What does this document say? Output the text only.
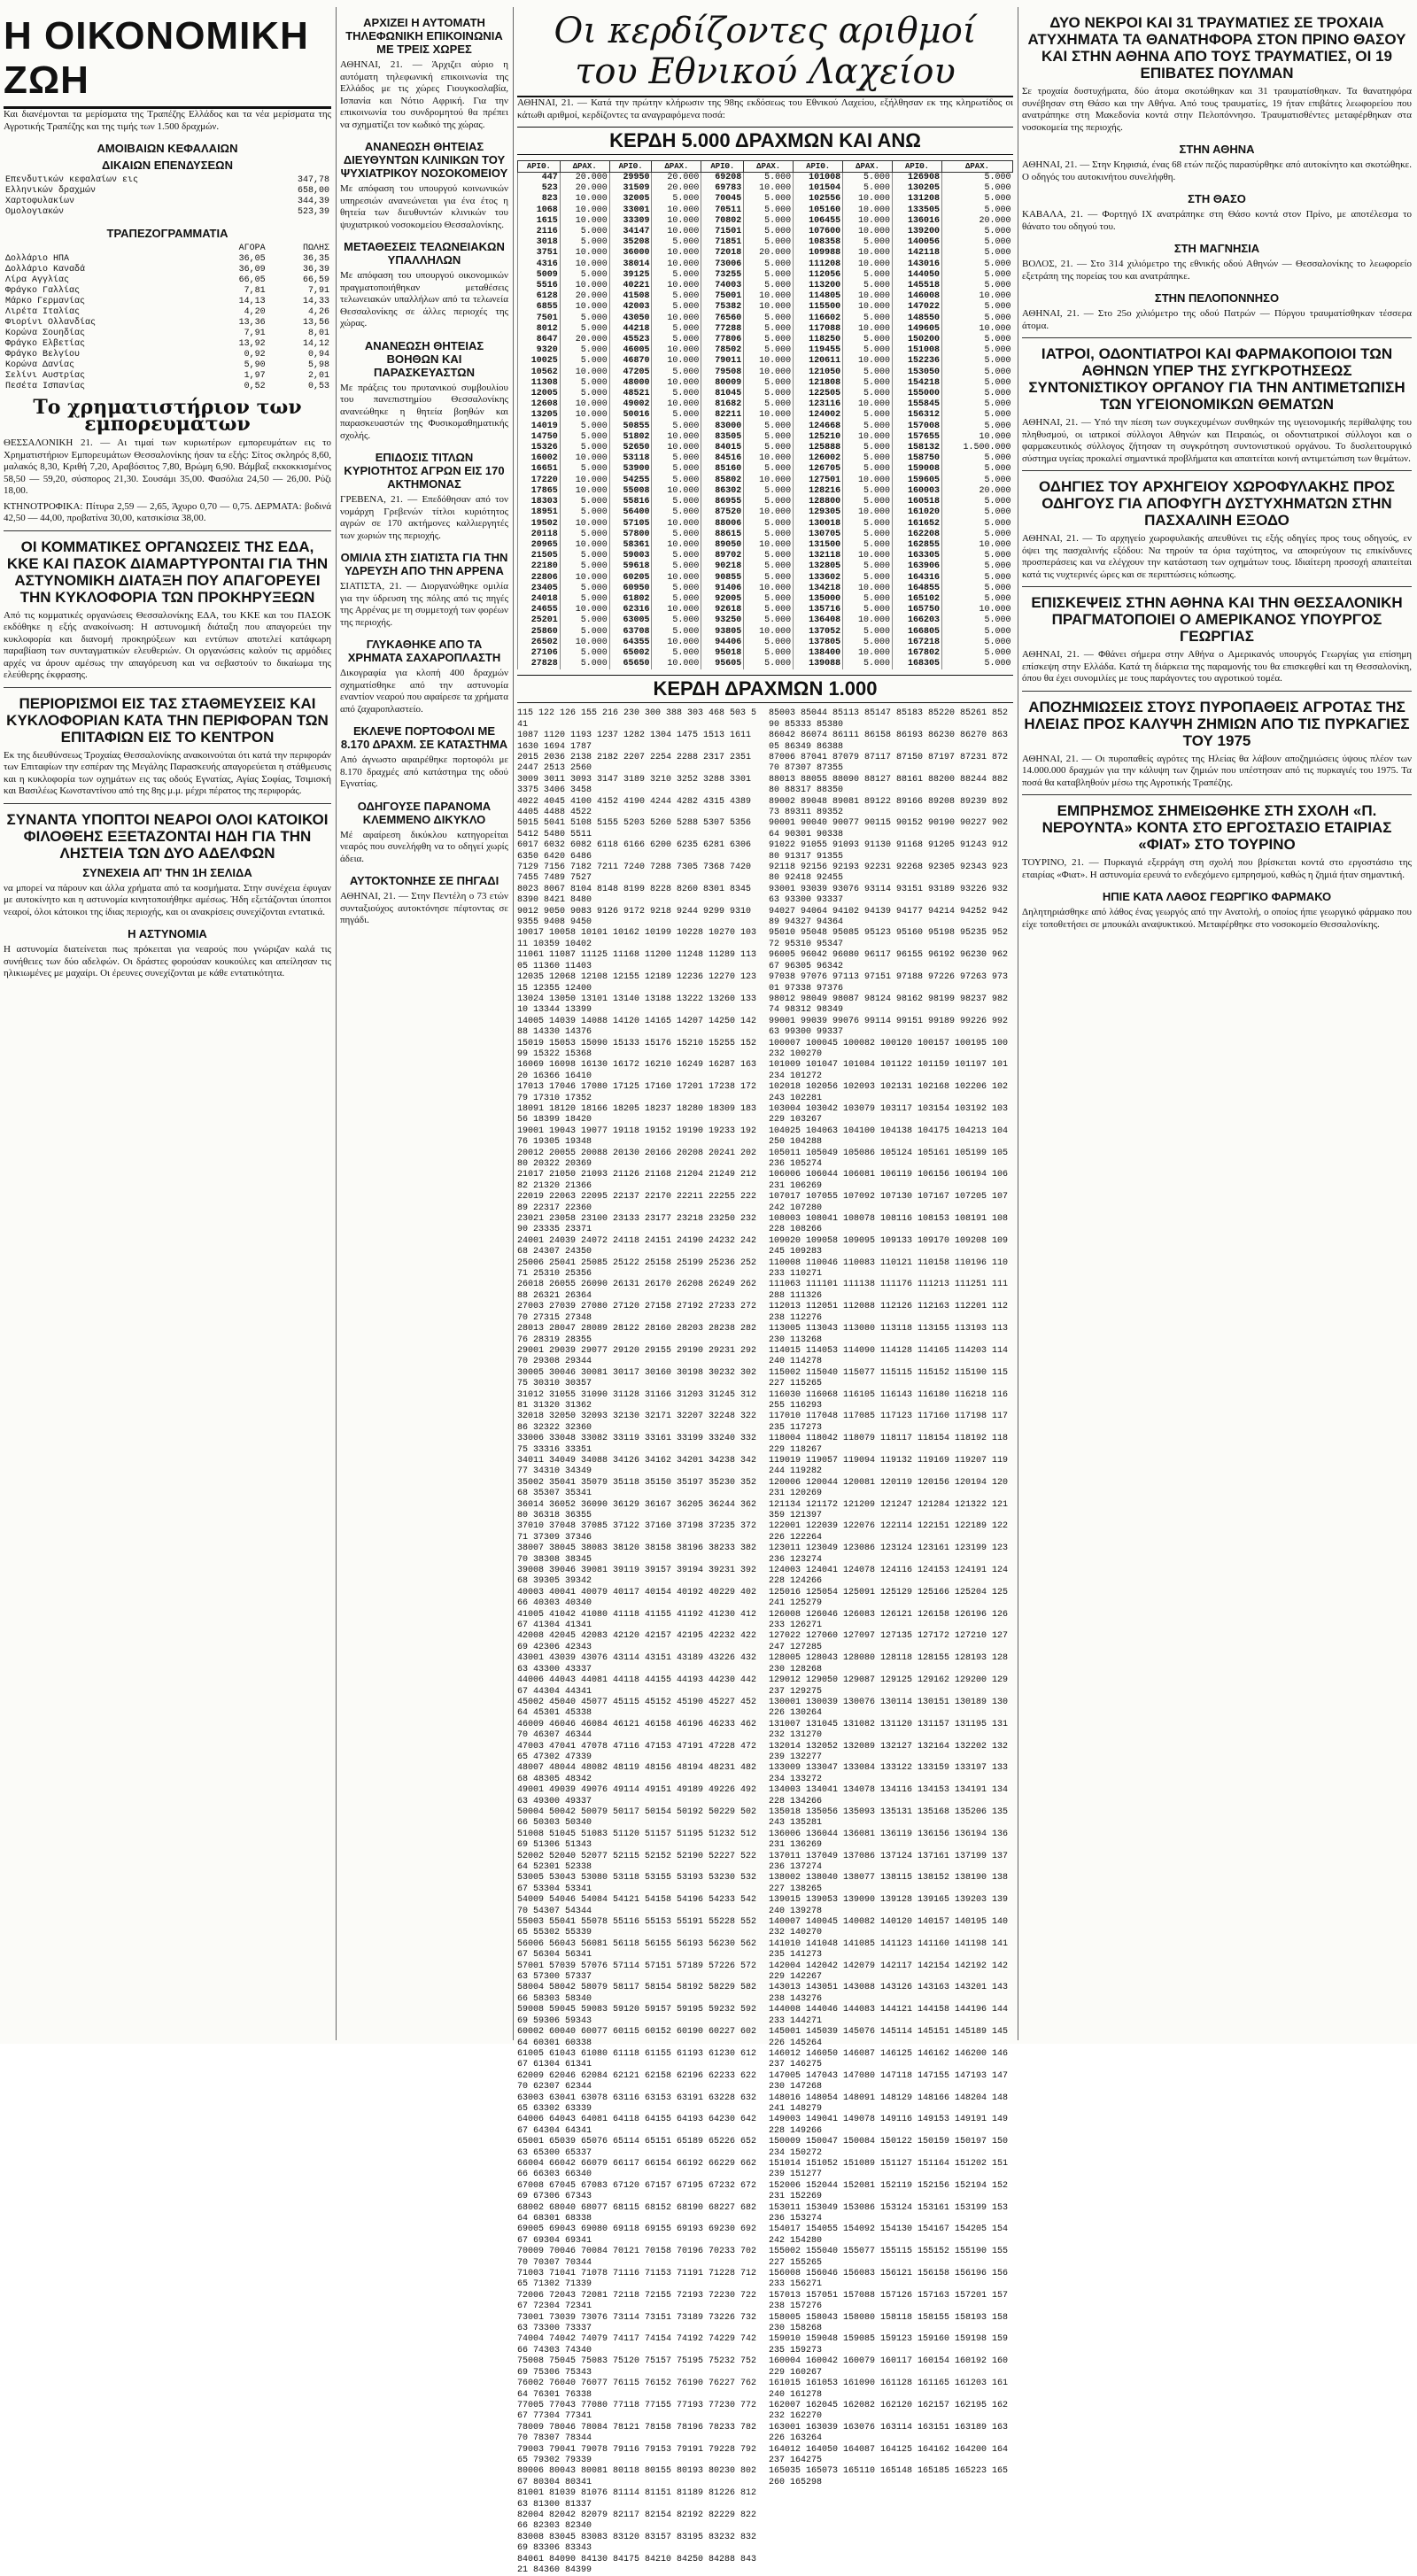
Η ΟΙΚΟΝΟΜΙΚΗ ΖΩΗ

Και διανέμονται τα μερίσματα της Τραπέζης Ελλάδος και τα νέα μερίσματα της Αγροτικής Τραπέζης και της τιμής των 1.500 δραχμών.

ΑΜΟΙΒΑΙΩΝ ΚΕΦΑΛΑΙΩΝ
ΔΙΚΑΙΩΝ ΕΠΕΝΔΥΣΕΩΝ
Επενδυτικών κεφαλαίων εις	347,78
Ελληνικών δραχμών	658,00
Χαρτοφυλακίων	344,39
Ομολογιακών	523,39
ΤΡΑΠΕΖΟΓΡΑΜΜΑΤΙΑ
	ΑΓΟΡΑ	ΠΩΛΗΣ
Δολλάριο ΗΠΑ	36,05	36,35
Δολλάριο Καναδά	36,09	36,39
Λίρα Αγγλίας	66,05	66,59
Φράγκο Γαλλίας	7,81	7,91
Μάρκο Γερμανίας	14,13	14,33
Λιρέτα Ιταλίας	4,20	4,26
Φιορίνι Ολλανδίας	13,36	13,56
Κορώνα Σουηδίας	7,91	8,01
Φράγκο Ελβετίας	13,92	14,12
Φράγκο Βελγίου	0,92	0,94
Κορώνα Δανίας	5,90	5,98
Σελίνι Αυστρίας	1,97	2,01
Πεσέτα Ισπανίας	0,52	0,53
Το χρηματιστήριον των εμπορευμάτων

ΘΕΣΣΑΛΟΝΙΚΗ 21. — Αι τιμαί των κυριωτέρων εμπορευμάτων εις το Χρηματιστήριον Εμπορευμάτων Θεσσαλονίκης ήσαν τα εξής: Σίτος σκληρός 8,60, μαλακός 8,30, Κριθή 7,20, Αραβόσιτος 7,80, Βρώμη 6,90. Βάμβαξ εκκοκκισμένος 58,50 — 59,20, σύσπορος 21,30. Σουσάμι 35,00. Φασόλια 24,50 — 26,00. Ρύζι 18,00.

ΚΤΗΝΟΤΡΟΦΙΚΑ: Πίτυρα 2,59 — 2,65, Άχυρο 0,70 — 0,75. ΔΕΡΜΑΤΑ: βοδινά 42,50 — 44,00, προβατίνα 30,00, κατσικίσια 38,00.

ΟΙ ΚΟΜΜΑΤΙΚΕΣ ΟΡΓΑΝΩΣΕΙΣ ΤΗΣ ΕΔΑ, ΚΚΕ ΚΑΙ ΠΑΣΟΚ ΔΙΑΜΑΡΤΥΡΟΝΤΑΙ ΓΙΑ ΤΗΝ ΑΣΤΥΝΟΜΙΚΗ ΔΙΑΤΑΞΗ ΠΟΥ ΑΠΑΓΟΡΕΥΕΙ ΤΗΝ ΚΥΚΛΟΦΟΡΙΑ ΤΩΝ ΠΡΟΚΗΡΥΞΕΩΝ

Από τις κομματικές οργανώσεις Θεσσαλονίκης ΕΔΑ, του ΚΚΕ και του ΠΑΣΟΚ εκδόθηκε η εξής ανακοίνωση: Η αστυνομική διάταξη που απαγορεύει την κυκλοφορία και διανομή προκηρύξεων και εντύπων αποτελεί κατάφωρη παραβίαση των συνταγματικών ελευθεριών. Οι οργανώσεις καλούν τις αρμόδιες αρχές να άρουν αμέσως την απαγόρευση και να σεβαστούν το δικαίωμα της ελεύθερης έκφρασης.

ΠΕΡΙΟΡΙΣΜΟΙ ΕΙΣ ΤΑΣ ΣΤΑΘΜΕΥΣΕΙΣ ΚΑΙ ΚΥΚΛΟΦΟΡΙΑΝ ΚΑΤΑ ΤΗΝ ΠΕΡΙΦΟΡΑΝ ΤΩΝ ΕΠΙΤΑΦΙΩΝ ΕΙΣ ΤΟ ΚΕΝΤΡΟΝ

Εκ της διευθύνσεως Τροχαίας Θεσσαλονίκης ανακοινούται ότι κατά την περιφοράν των Επιταφίων την εσπέραν της Μεγάλης Παρασκευής απαγορεύεται η στάθμευσις και η κυκλοφορία των οχημάτων εις τας οδούς Εγνατίας, Αγίας Σοφίας, Τσιμισκή και Βασιλέως Κωνσταντίνου από της 8ης μ.μ. μέχρι πέρατος της περιφοράς.

ΣΥΝΑΝΤΑ ΥΠΟΠΤΟΙ ΝΕΑΡΟΙ ΟΛΟΙ ΚΑΤΟΙΚΟΙ ΦΙΛΟΘΕΗΣ ΕΞΕΤΑΖΟΝΤΑΙ ΗΔΗ ΓΙΑ ΤΗΝ ΛΗΣΤΕΙΑ ΤΩΝ ΔΥΟ ΑΔΕΛΦΩΝ
ΣΥΝΕΧΕΙΑ ΑΠ' ΤΗΝ 1Η ΣΕΛΙΔΑ

να μπορεί να πάρουν και άλλα χρήματα από τα κοσμήματα. Στην συνέχεια έφυγαν με αυτοκίνητο και η αστυνομία κινητοποιήθηκε αμέσως. Ήδη εξετάζονται ύποπτοι νεαροί, όλοι κάτοικοι της ίδιας περιοχής, και οι ανακρίσεις συνεχίζονται εντατικά.

Η ΑΣΤΥΝΟΜΙΑ

Η αστυνομία διατείνεται πως πρόκειται για νεαρούς που γνώριζαν καλά τις συνήθειες των δύο αδελφών. Οι δράστες φορούσαν κουκούλες και απείλησαν τις ηλικιωμένες με μαχαίρι. Οι έρευνες συνεχίζονται με κάθε εντατικότητα.

ΑΡΧΙΖΕΙ Η ΑΥΤΟΜΑΤΗ ΤΗΛΕΦΩΝΙΚΗ ΕΠΙΚΟΙΝΩΝΙΑ ΜΕ ΤΡΕΙΣ ΧΩΡΕΣ

ΑΘΗΝΑΙ, 21. — Άρχιζει αύριο η αυτόματη τηλεφωνική επικοινωνία της Ελλάδος με τις χώρες Γιουγκοσλαβία, Ισπανία και Νότιο Αφρική. Για την επικοινωνία του συνδρομητού θα πρέπει να σχηματίζει τον κωδικό της χώρας.

ΑΝΑΝΕΩΣΗ ΘΗΤΕΙΑΣ ΔΙΕΥΘΥΝΤΩΝ ΚΛΙΝΙΚΩΝ ΤΟΥ ΨΥΧΙΑΤΡΙΚΟΥ ΝΟΣΟΚΟΜΕΙΟΥ

Με απόφαση του υπουργού κοινωνικών υπηρεσιών ανανεώνεται για ένα έτος η θητεία των διευθυντών κλινικών του ψυχιατρικού νοσοκομείου Θεσσαλονίκης.

ΜΕΤΑΘΕΣΕΙΣ ΤΕΛΩΝΕΙΑΚΩΝ ΥΠΑΛΛΗΛΩΝ

Με απόφαση του υπουργού οικονομικών πραγματοποιήθηκαν μεταθέσεις τελωνειακών υπαλλήλων από τα τελωνεία Θεσσαλονίκης σε άλλες περιοχές της χώρας.

ΑΝΑΝΕΩΣΗ ΘΗΤΕΙΑΣ ΒΟΗΘΩΝ ΚΑΙ ΠΑΡΑΣΚΕΥΑΣΤΩΝ

Με πράξεις του πρυτανικού συμβουλίου του πανεπιστημίου Θεσσαλονίκης ανανεώθηκε η θητεία βοηθών και παρασκευαστών της Φυσικομαθηματικής σχολής.

ΕΠΙΔΟΣΙΣ ΤΙΤΛΩΝ ΚΥΡΙΟΤΗΤΟΣ ΑΓΡΩΝ ΕΙΣ 170 ΑΚΤΗΜΟΝΑΣ

ΓΡΕΒΕΝΑ, 21. — Επεδόθησαν από τον νομάρχη Γρεβενών τίτλοι κυριότητος αγρών σε 170 ακτήμονες καλλιεργητές των χωριών της περιοχής.

ΟΜΙΛΙΑ ΣΤΗ ΣΙΑΤΙΣΤΑ ΓΙΑ ΤΗΝ ΥΔΡΕΥΣΗ ΑΠΟ ΤΗΝ ΑΡΡΕΝΑ

ΣΙΑΤΙΣΤΑ, 21. — Διοργανώθηκε ομιλία για την ύδρευση της πόλης από τις πηγές της Αρρένας με τη συμμετοχή των φορέων της περιοχής.

ΓΛΥΚΑΘΗΚΕ ΑΠΟ ΤΑ ΧΡΗΜΑΤΑ ΣΑΧΑΡΟΠΛΑΣΤΗ

Δικογραφία για κλοπή 400 δραχμών σχηματίσθηκε από την αστυνομία εναντίον νεαρού που αφαίρεσε τα χρήματα από ζαχαροπλαστείο.

ΕΚΛΕΨΕ ΠΟΡΤΟΦΟΛΙ ΜΕ 8.170 ΔΡΑΧΜ. ΣΕ ΚΑΤΑΣΤΗΜΑ

Από άγνωστο αφαιρέθηκε πορτοφόλι με 8.170 δραχμές από κατάστημα της οδού Εγνατίας.

ΟΔΗΓΟΥΣΕ ΠΑΡΑΝΟΜΑ ΚΛΕΜΜΕΝΟ ΔΙΚΥΚΛΟ

Μέ αφαίρεση δικύκλου κατηγορείται νεαρός που συνελήφθη να το οδηγεί χωρίς άδεια.

ΑΥΤΟΚΤΟΝΗΣΕ ΣΕ ΠΗΓΑΔΙ

ΑΘΗΝΑΙ, 21. — Στην Πεντέλη ο 73 ετών συνταξιούχος αυτοκτόνησε πέφτοντας σε πηγάδι.

Οι κερδίζοντες αριθμοί του Εθνικού Λαχείου

ΑΘΗΝΑΙ, 21. — Κατά την πρώτην κλήρωσιν της 98ης εκδόσεως του Εθνικού Λαχείου, εξήλθησαν εκ της κληρωτίδος οι κάτωθι αριθμοί, κερδίζοντες τα αναγραφόμενα ποσά:

ΚΕΡΔΗ 5.000 ΔΡΑΧΜΩΝ ΚΑΙ ΑΝΩ
ΑΡΙΘ.	ΔΡΑΧ.	ΑΡΙΘ.	ΔΡΑΧ.	ΑΡΙΘ.	ΔΡΑΧ.	ΑΡΙΘ.	ΔΡΑΧ.	ΑΡΙΘ.	ΔΡΑΧ.
447	20.000	29950	20.000	69208	5.000	101008	5.000	126908	5.000
523	20.000	31509	20.000	69783	10.000	101504	5.000	130205	5.000
823	10.000	32005	5.000	70045	5.000	102556	10.000	131208	5.000
1068	10.000	33001	10.000	70511	5.000	105160	10.000	133505	5.000
1615	10.000	33309	10.000	70802	5.000	106455	10.000	136016	20.000
2116	5.000	34147	10.000	71501	5.000	107600	10.000	139200	5.000
3018	5.000	35208	5.000	71851	5.000	108358	5.000	140056	5.000
3751	10.000	36000	10.000	72018	20.000	109988	10.000	142118	5.000
4316	10.000	38014	10.000	73006	5.000	111208	10.000	143016	5.000
5009	5.000	39125	5.000	73255	5.000	112056	5.000	144050	5.000
5516	10.000	40221	10.000	74003	5.000	113200	5.000	145518	5.000
6128	20.000	41508	5.000	75001	10.000	114805	10.000	146008	10.000
6855	10.000	42003	5.000	75382	10.000	115500	10.000	147022	5.000
7501	5.000	43050	10.000	76560	5.000	116602	5.000	148550	5.000
8012	5.000	44218	5.000	77288	5.000	117088	10.000	149605	10.000
8647	20.000	45523	5.000	77806	5.000	118250	5.000	150200	5.000
9320	5.000	46005	10.000	78502	5.000	119455	5.000	151008	5.000
10025	5.000	46870	10.000	79011	10.000	120611	10.000	152236	5.000
10562	10.000	47205	5.000	79508	10.000	121050	5.000	153050	5.000
11308	5.000	48000	10.000	80009	5.000	121808	5.000	154218	5.000
12005	5.000	48521	5.000	81045	5.000	122505	5.000	155000	5.000
12608	10.000	49002	10.000	81682	5.000	123116	10.000	155845	5.000
13205	10.000	50016	5.000	82211	10.000	124002	5.000	156312	5.000
14019	5.000	50855	5.000	83000	5.000	124668	5.000	157008	5.000
14750	5.000	51802	10.000	83505	5.000	125210	10.000	157655	10.000
15326	5.000	52650	10.000	84015	5.000	125888	5.000	158132	1.500.000
16002	10.000	53118	5.000	84516	10.000	126002	5.000	158750	5.000
16651	5.000	53900	5.000	85160	5.000	126705	5.000	159008	5.000
17220	10.000	54255	5.000	85802	10.000	127501	10.000	159605	5.000
17865	10.000	55008	10.000	86302	5.000	128216	5.000	160003	20.000
18303	5.000	55816	5.000	86955	5.000	128800	5.000	160518	5.000
18951	5.000	56400	5.000	87520	10.000	129305	10.000	161020	5.000
19502	10.000	57105	10.000	88006	5.000	130018	5.000	161652	5.000
20118	5.000	57800	5.000	88615	5.000	130705	5.000	162208	5.000
20965	10.000	58361	10.000	89050	10.000	131500	5.000	162855	10.000
21505	5.000	59003	5.000	89702	5.000	132118	10.000	163305	5.000
22180	5.000	59618	5.000	90218	5.000	132805	5.000	163906	5.000
22806	10.000	60205	10.000	90855	5.000	133602	5.000	164316	5.000
23405	5.000	60950	5.000	91406	10.000	134218	10.000	164855	5.000
24018	5.000	61802	5.000	92005	5.000	135000	5.000	165102	5.000
24655	10.000	62316	10.000	92618	5.000	135716	5.000	165750	10.000
25201	5.000	63005	5.000	93250	5.000	136408	10.000	166203	5.000
25860	5.000	63708	5.000	93805	10.000	137052	5.000	166805	5.000
26502	10.000	64355	10.000	94406	5.000	137805	5.000	167218	5.000
27106	5.000	65002	5.000	95018	5.000	138400	10.000	167802	5.000
27828	5.000	65650	10.000	95605	5.000	139088	5.000	168305	5.000
ΚΕΡΔΗ ΔΡΑΧΜΩΝ 1.000
115 122 126 155 216 230 300 388 303 468 503 541
1087 1120 1193 1237 1282 1304 1475 1513 1611 1630 1694 1787
2015 2036 2138 2182 2207 2254 2288 2317 2351 2447 2513 2560
3009 3011 3093 3147 3189 3210 3252 3288 3301 3375 3406 3458
4022 4045 4100 4152 4190 4244 4282 4315 4389 4405 4488 4522
5015 5041 5108 5155 5203 5260 5288 5307 5356 5412 5480 5511
6017 6032 6082 6118 6166 6200 6235 6281 6306 6350 6420 6486
7129 7156 7182 7211 7240 7288 7305 7368 7420 7455 7489 7527
8023 8067 8104 8148 8199 8228 8260 8301 8345 8390 8421 8480
9012 9050 9083 9126 9172 9218 9244 9299 9310 9355 9408 9450
10017 10058 10101 10162 10199 10228 10270 10311 10359 10402
11061 11087 11125 11168 11200 11248 11289 11305 11360 11403
12035 12068 12108 12155 12189 12236 12270 12315 12355 12400
13024 13050 13101 13140 13188 13222 13260 13310 13344 13399
14005 14039 14088 14120 14165 14207 14250 14288 14330 14376
15019 15053 15090 15133 15176 15210 15255 15299 15322 15368
16069 16098 16130 16172 16210 16249 16287 16320 16366 16410
17013 17046 17080 17125 17160 17201 17238 17279 17310 17352
18091 18120 18166 18205 18237 18280 18309 18356 18399 18420
19001 19043 19077 19118 19152 19190 19233 19276 19305 19348
20012 20055 20088 20130 20166 20208 20241 20280 20322 20369
21017 21050 21093 21126 21168 21204 21249 21282 21320 21366
22019 22063 22095 22137 22170 22211 22255 22289 22317 22360
23021 23058 23100 23133 23177 23218 23250 23290 23335 23371
24001 24039 24072 24118 24151 24190 24232 24268 24307 24350
25006 25041 25085 25122 25158 25199 25236 25271 25310 25356
26018 26055 26090 26131 26170 26208 26249 26288 26321 26364
27003 27039 27080 27120 27158 27192 27233 27270 27315 27348
28013 28047 28089 28122 28160 28203 28238 28276 28319 28355
29001 29039 29077 29120 29155 29190 29231 29270 29308 29344
30005 30046 30081 30117 30160 30198 30232 30275 30310 30357
31012 31055 31090 31128 31166 31203 31245 31281 31320 31362
32018 32050 32093 32130 32171 32207 32248 32286 32322 32360
33006 33048 33082 33119 33161 33199 33240 33275 33316 33351
34011 34049 34088 34126 34162 34201 34238 34277 34310 34349
35002 35041 35079 35118 35150 35197 35230 35268 35307 35341
36014 36052 36090 36129 36167 36205 36244 36280 36318 36355
37010 37048 37085 37122 37160 37198 37235 37271 37309 37346
38007 38045 38083 38120 38158 38196 38233 38270 38308 38345
39008 39046 39081 39119 39157 39194 39231 39268 39305 39342
40003 40041 40079 40117 40154 40192 40229 40266 40303 40340
41005 41042 41080 41118 41155 41192 41230 41267 41304 41341
42008 42045 42083 42120 42157 42195 42232 42269 42306 42343
43001 43039 43076 43114 43151 43189 43226 43263 43300 43337
44006 44043 44081 44118 44155 44193 44230 44267 44304 44341
45002 45040 45077 45115 45152 45190 45227 45264 45301 45338
46009 46046 46084 46121 46158 46196 46233 46270 46307 46344
47003 47041 47078 47116 47153 47191 47228 47265 47302 47339
48007 48044 48082 48119 48156 48194 48231 48268 48305 48342
49001 49039 49076 49114 49151 49189 49226 49263 49300 49337
50004 50042 50079 50117 50154 50192 50229 50266 50303 50340
51008 51045 51083 51120 51157 51195 51232 51269 51306 51343
52002 52040 52077 52115 52152 52190 52227 52264 52301 52338
53005 53043 53080 53118 53155 53193 53230 53267 53304 53341
54009 54046 54084 54121 54158 54196 54233 54270 54307 54344
55003 55041 55078 55116 55153 55191 55228 55265 55302 55339
56006 56043 56081 56118 56155 56193 56230 56267 56304 56341
57001 57039 57076 57114 57151 57189 57226 57263 57300 57337
58004 58042 58079 58117 58154 58192 58229 58266 58303 58340
59008 59045 59083 59120 59157 59195 59232 59269 59306 59343
60002 60040 60077 60115 60152 60190 60227 60264 60301 60338
61005 61043 61080 61118 61155 61193 61230 61267 61304 61341
62009 62046 62084 62121 62158 62196 62233 62270 62307 62344
63003 63041 63078 63116 63153 63191 63228 63265 63302 63339
64006 64043 64081 64118 64155 64193 64230 64267 64304 64341
65001 65039 65076 65114 65151 65189 65226 65263 65300 65337
66004 66042 66079 66117 66154 66192 66229 66266 66303 66340
67008 67045 67083 67120 67157 67195 67232 67269 67306 67343
68002 68040 68077 68115 68152 68190 68227 68264 68301 68338
69005 69043 69080 69118 69155 69193 69230 69267 69304 69341
70009 70046 70084 70121 70158 70196 70233 70270 70307 70344
71003 71041 71078 71116 71153 71191 71228 71265 71302 71339
72006 72043 72081 72118 72155 72193 72230 72267 72304 72341
73001 73039 73076 73114 73151 73189 73226 73263 73300 73337
74004 74042 74079 74117 74154 74192 74229 74266 74303 74340
75008 75045 75083 75120 75157 75195 75232 75269 75306 75343
76002 76040 76077 76115 76152 76190 76227 76264 76301 76338
77005 77043 77080 77118 77155 77193 77230 77267 77304 77341
78009 78046 78084 78121 78158 78196 78233 78270 78307 78344
79003 79041 79078 79116 79153 79191 79228 79265 79302 79339
80006 80043 80081 80118 80155 80193 80230 80267 80304 80341
81001 81039 81076 81114 81151 81189 81226 81263 81300 81337
82004 82042 82079 82117 82154 82192 82229 82266 82303 82340
83008 83045 83083 83120 83157 83195 83232 83269 83306 83343
84061 84090 84130 84175 84210 84250 84288 84321 84360 84399
85003 85044 85113 85147 85183 85220 85261 85290 85333 85380
86042 86074 86111 86158 86193 86230 86270 86305 86349 86388
87006 87041 87079 87117 87150 87197 87231 87270 87307 87355
88013 88055 88090 88127 88161 88200 88244 88280 88317 88350
89002 89048 89081 89122 89166 89208 89239 89273 89311 89352
90001 90040 90077 90115 90152 90190 90227 90264 90301 90338
91022 91055 91093 91130 91168 91205 91243 91280 91317 91355
92118 92156 92193 92231 92268 92305 92343 92380 92418 92455
93001 93039 93076 93114 93151 93189 93226 93263 93300 93337
94027 94064 94102 94139 94177 94214 94252 94289 94327 94364
95010 95048 95085 95123 95160 95198 95235 95272 95310 95347
96005 96042 96080 96117 96155 96192 96230 96267 96305 96342
97038 97076 97113 97151 97188 97226 97263 97301 97338 97376
98012 98049 98087 98124 98162 98199 98237 98274 98312 98349
99001 99039 99076 99114 99151 99189 99226 99263 99300 99337
100007 100045 100082 100120 100157 100195 100232 100270
101009 101047 101084 101122 101159 101197 101234 101272
102018 102056 102093 102131 102168 102206 102243 102281
103004 103042 103079 103117 103154 103192 103229 103267
104025 104063 104100 104138 104175 104213 104250 104288
105011 105049 105086 105124 105161 105199 105236 105274
106006 106044 106081 106119 106156 106194 106231 106269
107017 107055 107092 107130 107167 107205 107242 107280
108003 108041 108078 108116 108153 108191 108228 108266
109020 109058 109095 109133 109170 109208 109245 109283
110008 110046 110083 110121 110158 110196 110233 110271
111063 111101 111138 111176 111213 111251 111288 111326
112013 112051 112088 112126 112163 112201 112238 112276
113005 113043 113080 113118 113155 113193 113230 113268
114015 114053 114090 114128 114165 114203 114240 114278
115002 115040 115077 115115 115152 115190 115227 115265
116030 116068 116105 116143 116180 116218 116255 116293
117010 117048 117085 117123 117160 117198 117235 117273
118004 118042 118079 118117 118154 118192 118229 118267
119019 119057 119094 119132 119169 119207 119244 119282
120006 120044 120081 120119 120156 120194 120231 120269
121134 121172 121209 121247 121284 121322 121359 121397
122001 122039 122076 122114 122151 122189 122226 122264
123011 123049 123086 123124 123161 123199 123236 123274
124003 124041 124078 124116 124153 124191 124228 124266
125016 125054 125091 125129 125166 125204 125241 125279
126008 126046 126083 126121 126158 126196 126233 126271
127022 127060 127097 127135 127172 127210 127247 127285
128005 128043 128080 128118 128155 128193 128230 128268
129012 129050 129087 129125 129162 129200 129237 129275
130001 130039 130076 130114 130151 130189 130226 130264
131007 131045 131082 131120 131157 131195 131232 131270
132014 132052 132089 132127 132164 132202 132239 132277
133009 133047 133084 133122 133159 133197 133234 133272
134003 134041 134078 134116 134153 134191 134228 134266
135018 135056 135093 135131 135168 135206 135243 135281
136006 136044 136081 136119 136156 136194 136231 136269
137011 137049 137086 137124 137161 137199 137236 137274
138002 138040 138077 138115 138152 138190 138227 138265
139015 139053 139090 139128 139165 139203 139240 139278
140007 140045 140082 140120 140157 140195 140232 140270
141010 141048 141085 141123 141160 141198 141235 141273
142004 142042 142079 142117 142154 142192 142229 142267
143013 143051 143088 143126 143163 143201 143238 143276
144008 144046 144083 144121 144158 144196 144233 144271
145001 145039 145076 145114 145151 145189 145226 145264
146012 146050 146087 146125 146162 146200 146237 146275
147005 147043 147080 147118 147155 147193 147230 147268
148016 148054 148091 148129 148166 148204 148241 148279
149003 149041 149078 149116 149153 149191 149228 149266
150009 150047 150084 150122 150159 150197 150234 150272
151014 151052 151089 151127 151164 151202 151239 151277
152006 152044 152081 152119 152156 152194 152231 152269
153011 153049 153086 153124 153161 153199 153236 153274
154017 154055 154092 154130 154167 154205 154242 154280
155002 155040 155077 155115 155152 155190 155227 155265
156008 156046 156083 156121 156158 156196 156233 156271
157013 157051 157088 157126 157163 157201 157238 157276
158005 158043 158080 158118 158155 158193 158230 158268
159010 159048 159085 159123 159160 159198 159235 159273
160004 160042 160079 160117 160154 160192 160229 160267
161015 161053 161090 161128 161165 161203 161240 161278
162007 162045 162082 162120 162157 162195 162232 162270
163001 163039 163076 163114 163151 163189 163226 163264
164012 164050 164087 164125 164162 164200 164237 164275
165035 165073 165110 165148 165185 165223 165260 165298
ΔΥΟ ΝΕΚΡΟΙ ΚΑΙ 31 ΤΡΑΥΜΑΤΙΕΣ ΣΕ ΤΡΟΧΑΙΑ ΑΤΥΧΗΜΑΤΑ ΤΑ ΘΑΝΑΤΗΦΟΡΑ ΣΤΟΝ ΠΡΙΝΟ ΘΑΣΟΥ ΚΑΙ ΣΤΗΝ ΑΘΗΝΑ ΑΠΟ ΤΟΥΣ ΤΡΑΥΜΑΤΙΕΣ, ΟΙ 19 ΕΠΙΒΑΤΕΣ ΠΟΥΛΜΑΝ

Σε τροχαία δυστυχήματα, δύο άτομα σκοτώθηκαν και 31 τραυματίσθηκαν. Τα θανατηφόρα συνέβησαν στη Θάσο και την Αθήνα. Από τους τραυματίες, 19 ήταν επιβάτες λεωφορείου που ανατράπηκε στη Μακεδονία κοντά στην Πελοπόννησο. Τραυματισθέντες μεταφέρθηκαν στα νοσοκομεία της περιοχής.

ΣΤΗΝ ΑΘΗΝΑ

ΑΘΗΝΑΙ, 21. — Στην Κηφισιά, ένας 68 ετών πεζός παρασύρθηκε από αυτοκίνητο και σκοτώθηκε. Ο οδηγός του αυτοκινήτου συνελήφθη.

ΣΤΗ ΘΑΣΟ

ΚΑΒΑΛΑ, 21. — Φορτηγό ΙΧ ανατράπηκε στη Θάσο κοντά στον Πρίνο, με αποτέλεσμα το θάνατο του οδηγού του.

ΣΤΗ ΜΑΓΝΗΣΙΑ

ΒΟΛΟΣ, 21. — Στο 314 χιλιόμετρο της εθνικής οδού Αθηνών — Θεσσαλονίκης το λεωφορείο εξετράπη της πορείας του και ανατράπηκε.

ΣΤΗΝ ΠΕΛΟΠΟΝΝΗΣΟ

ΑΘΗΝΑΙ, 21. — Στο 25ο χιλιόμετρο της οδού Πατρών — Πύργου τραυματίσθηκαν τέσσερα άτομα.

ΙΑΤΡΟΙ, ΟΔΟΝΤΙΑΤΡΟΙ ΚΑΙ ΦΑΡΜΑΚΟΠΟΙΟΙ ΤΩΝ ΑΘΗΝΩΝ ΥΠΕΡ ΤΗΣ ΣΥΓΚΡΟΤΗΣΕΩΣ ΣΥΝΤΟΝΙΣΤΙΚΟΥ ΟΡΓΑΝΟΥ ΓΙΑ ΤΗΝ ΑΝΤΙΜΕΤΩΠΙΣΗ ΤΩΝ ΥΓΕΙΟΝΟΜΙΚΩΝ ΘΕΜΑΤΩΝ

ΑΘΗΝΑΙ, 21. — Υπό την πίεση των συγκεχυμένων συνθηκών της υγειονομικής περίθαλψης του πληθυσμού, οι ιατρικοί σύλλογοι Αθηνών και Πειραιώς, οι οδοντιατρικοί σύλλογοι και ο φαρμακευτικός σύλλογος ζήτησαν τη συγκρότηση συντονιστικού οργάνου. Το δυσλειτουργικό σύστημα υγείας προκαλεί σημαντικά προβλήματα και απαιτείται κοινή αντιμετώπιση των θεμάτων.

ΟΔΗΓΙΕΣ ΤΟΥ ΑΡΧΗΓΕΙΟΥ ΧΩΡΟΦΥΛΑΚΗΣ ΠΡΟΣ ΟΔΗΓΟΥΣ ΓΙΑ ΑΠΟΦΥΓΗ ΔΥΣΤΥΧΗΜΑΤΩΝ ΣΤΗΝ ΠΑΣΧΑΛΙΝΗ ΕΞΟΔΟ

ΑΘΗΝΑΙ, 21. — Το αρχηγείο χωροφυλακής απευθύνει τις εξής οδηγίες προς τους οδηγούς, εν όψει της πασχαλινής εξόδου: Να τηρούν τα όρια ταχύτητος, να αποφεύγουν τις επικίνδυνες προσπεράσεις και να ελέγχουν την κατάσταση των οχημάτων τους. Ιδιαίτερη προσοχή απαιτείται κατά τις νυχτερινές ώρες και σε περιπτώσεις κόπωσης.

ΕΠΙΣΚΕΨΕΙΣ ΣΤΗΝ ΑΘΗΝΑ ΚΑΙ ΤΗΝ ΘΕΣΣΑΛΟΝΙΚΗ ΠΡΑΓΜΑΤΟΠΟΙΕΙ Ο ΑΜΕΡΙΚΑΝΟΣ ΥΠΟΥΡΓΟΣ ΓΕΩΡΓΙΑΣ

ΑΘΗΝΑΙ, 21. — Φθάνει σήμερα στην Αθήνα ο Αμερικανός υπουργός Γεωργίας για επίσημη επίσκεψη στην Ελλάδα. Κατά τη διάρκεια της παραμονής του θα επισκεφθεί και τη Θεσσαλονίκη, όπου θα έχει συνομιλίες με τους παράγοντες του αγροτικού τομέα.

ΑΠΟΖΗΜΙΩΣΕΙΣ ΣΤΟΥΣ ΠΥΡΟΠΑΘΕΙΣ ΑΓΡΟΤΑΣ ΤΗΣ ΗΛΕΙΑΣ ΠΡΟΣ ΚΑΛΥΨΗ ΖΗΜΙΩΝ ΑΠΟ ΤΙΣ ΠΥΡΚΑΓΙΕΣ ΤΟΥ 1975

ΑΘΗΝΑΙ, 21. — Οι πυροπαθείς αγρότες της Ηλείας θα λάβουν αποζημιώσεις ύψους πλέον των 14.000.000 δραχμών για την κάλυψη των ζημιών που υπέστησαν από τις πυρκαγιές του 1975. Τα ποσά θα καταβληθούν μέσω της Αγροτικής Τραπέζης.

ΕΜΠΡΗΣΜΟΣ ΣΗΜΕΙΩΘΗΚΕ ΣΤΗ ΣΧΟΛΗ «Π. ΝΕΡΟΥΝΤΑ» ΚΟΝΤΑ ΣΤΟ ΕΡΓΟΣΤΑΣΙΟ ΕΤΑΙΡΙΑΣ «ΦΙΑΤ» ΣΤΟ ΤΟΥΡΙΝΟ

ΤΟΥΡΙΝΟ, 21. — Πυρκαγιά εξερράγη στη σχολή που βρίσκεται κοντά στο εργοστάσιο της εταιρίας «Φιατ». Η αστυνομία ερευνά το ενδεχόμενο εμπρησμού, καθώς η ζημιά ήταν σημαντική.

ΗΠΙΕ ΚΑΤΑ ΛΑΘΟΣ ΓΕΩΡΓΙΚΟ ΦΑΡΜΑΚΟ

Δηλητηριάσθηκε από λάθος ένας γεωργός από την Ανατολή, ο οποίος ήπιε γεωργικό φάρμακο που είχε τοποθετήσει σε μπουκάλι αναψυκτικού. Μεταφέρθηκε στο νοσοκομείο Θεσσαλονίκης.
